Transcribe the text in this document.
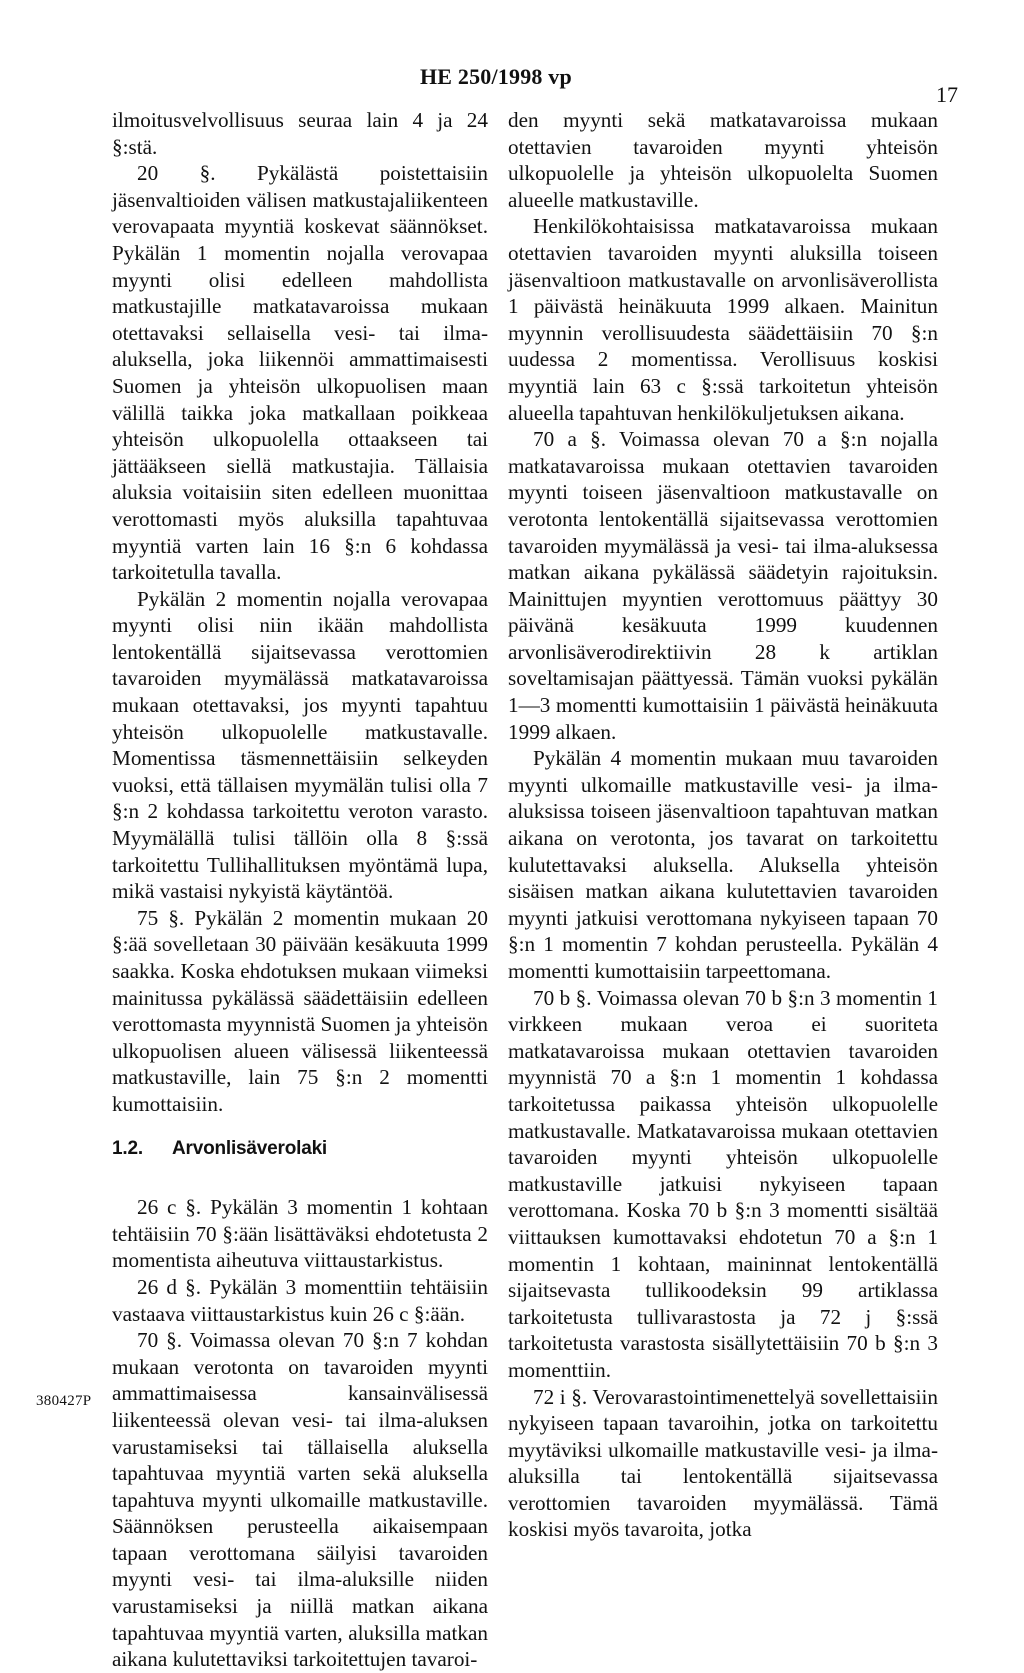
HE 250/1998 vp
17

ilmoitusvelvollisuus seuraa lain 4 ja 24 §:stä.

20 §. Pykälästä poistettaisiin jäsenvaltioiden välisen matkustajaliikenteen verovapaata myyntiä koskevat säännökset. Pykälän 1 momentin nojalla verovapaa myynti olisi edelleen mahdollista matkustajille matkatavaroissa mukaan otettavaksi sellaisella vesi- tai ilma-aluksella, joka liikennöi ammattimaisesti Suomen ja yhteisön ulkopuolisen maan välillä taikka joka matkallaan poikkeaa yhteisön ulkopuolella ottaakseen tai jättääkseen siellä matkustajia. Tällaisia aluksia voitaisiin siten edelleen muonittaa verottomasti myös aluksilla tapahtuvaa myyntiä varten lain 16 §:n 6 kohdassa tarkoitetulla tavalla.

Pykälän 2 momentin nojalla verovapaa myynti olisi niin ikään mahdollista lentokentällä sijaitsevassa verottomien tavaroiden myymälässä matkatavaroissa mukaan otettavaksi, jos myynti tapahtuu yhteisön ulkopuolelle matkustavalle. Momentissa täsmennettäisiin selkeyden vuoksi, että tällaisen myymälän tulisi olla 7 §:n 2 kohdassa tarkoitettu veroton varasto. Myymälällä tulisi tällöin olla 8 §:ssä tarkoitettu Tullihallituksen myöntämä lupa, mikä vastaisi nykyistä käytäntöä.

75 §. Pykälän 2 momentin mukaan 20 §:ää sovelletaan 30 päivään kesäkuuta 1999 saakka. Koska ehdotuksen mukaan viimeksi mainitussa pykälässä säädettäisiin edelleen verottomasta myynnistä Suomen ja yhteisön ulkopuolisen alueen välisessä liikenteessä matkustaville, lain 75 §:n 2 momentti kumottaisiin.

1.2. Arvonlisäverolaki

26 c §. Pykälän 3 momentin 1 kohtaan tehtäisiin 70 §:ään lisättäväksi ehdotetusta 2 momentista aiheutuva viittaustarkistus.

26 d §. Pykälän 3 momenttiin tehtäisiin vastaava viittaustarkistus kuin 26 c §:ään.

70 §. Voimassa olevan 70 §:n 7 kohdan mukaan verotonta on tavaroiden myynti ammattimaisessa kansainvälisessä liikenteessä olevan vesi- tai ilma-aluksen varustamiseksi tai tällaisella aluksella tapahtuvaa myyntiä varten sekä aluksella tapahtuva myynti ulkomaille matkustaville. Säännöksen perusteella aikaisempaan tapaan verottomana säilyisi tavaroiden myynti vesi- tai ilma-aluksille niiden varustamiseksi ja niillä matkan aikana tapahtuvaa myyntiä varten, aluksilla matkan aikana kulutettaviksi tarkoitettujen tavaroi-

den myynti sekä matkatavaroissa mukaan otettavien tavaroiden myynti yhteisön ulkopuolelle ja yhteisön ulkopuolelta Suomen alueelle matkustaville.

Henkilökohtaisissa matkatavaroissa mukaan otettavien tavaroiden myynti aluksilla toiseen jäsenvaltioon matkustavalle on arvonlisäverollista 1 päivästä heinäkuuta 1999 alkaen. Mainitun myynnin verollisuudesta säädettäisiin 70 §:n uudessa 2 momentissa. Verollisuus koskisi myyntiä lain 63 c §:ssä tarkoitetun yhteisön alueella tapahtuvan henkilökuljetuksen aikana.

70 a §. Voimassa olevan 70 a §:n nojalla matkatavaroissa mukaan otettavien tavaroiden myynti toiseen jäsenvaltioon matkustavalle on verotonta lentokentällä sijaitsevassa verottomien tavaroiden myymälässä ja vesi- tai ilma-aluksessa matkan aikana pykälässä säädetyin rajoituksin. Mainittujen myyntien verottomuus päättyy 30 päivänä kesäkuuta 1999 kuudennen arvonlisäverodirektiivin 28 k artiklan soveltamisajan päättyessä. Tämän vuoksi pykälän 1—3 momentti kumottaisiin 1 päivästä heinäkuuta 1999 alkaen.

Pykälän 4 momentin mukaan muu tavaroiden myynti ulkomaille matkustaville vesi- ja ilma-aluksissa toiseen jäsenvaltioon tapahtuvan matkan aikana on verotonta, jos tavarat on tarkoitettu kulutettavaksi aluksella. Aluksella yhteisön sisäisen matkan aikana kulutettavien tavaroiden myynti jatkuisi verottomana nykyiseen tapaan 70 §:n 1 momentin 7 kohdan perusteella. Pykälän 4 momentti kumottaisiin tarpeettomana.

70 b §. Voimassa olevan 70 b §:n 3 momentin 1 virkkeen mukaan veroa ei suoriteta matkatavaroissa mukaan otettavien tavaroiden myynnistä 70 a §:n 1 momentin 1 kohdassa tarkoitetussa paikassa yhteisön ulkopuolelle matkustavalle. Matkatavaroissa mukaan otettavien tavaroiden myynti yhteisön ulkopuolelle matkustaville jatkuisi nykyiseen tapaan verottomana. Koska 70 b §:n 3 momentti sisältää viittauksen kumottavaksi ehdotetun 70 a §:n 1 momentin 1 kohtaan, maininnat lentokentällä sijaitsevasta tullikoodeksin 99 artiklassa tarkoitetusta tullivarastosta ja 72 j §:ssä tarkoitetusta varastosta sisällytettäisiin 70 b §:n 3 momenttiin.

72 i §. Verovarastointimenettelyä sovellettaisiin nykyiseen tapaan tavaroihin, jotka on tarkoitettu myytäviksi ulkomaille matkustaville vesi- ja ilma-aluksilla tai lentokentällä sijaitsevassa verottomien tavaroiden myymälässä. Tämä koskisi myös tavaroita, jotka

380427P
